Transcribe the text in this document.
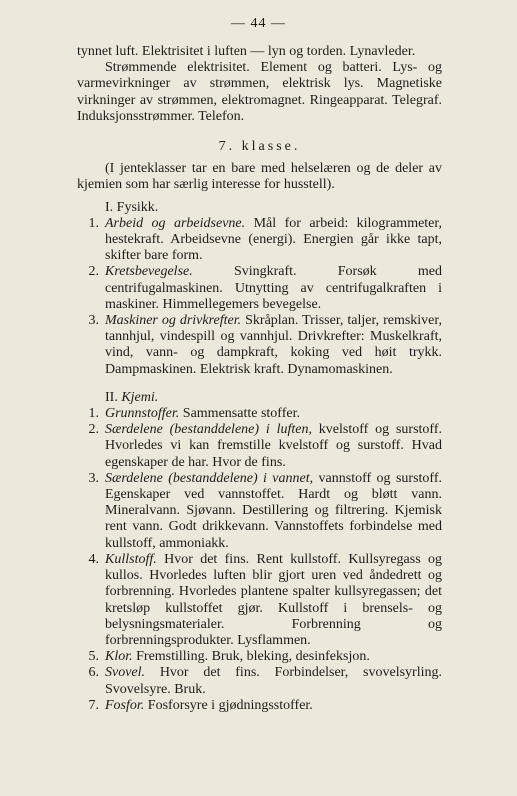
— 44 —

tynnet luft. Elektrisitet i luften — lyn og torden. Lynavleder.

Strømmende elektrisitet. Element og batteri. Lys- og varmevirkninger av strømmen, elektrisk lys. Magnetiske virkninger av strømmen, elektromagnet. Ringeapparat. Telegraf. Induksjonsstrømmer. Telefon.

7. klasse.

(I jenteklasser tar en bare med helselæren og de deler av kjemien som har særlig interesse for husstell).

I. Fysikk.

1. Arbeid og arbeidsevne. Mål for arbeid: kilogrammeter, hestekraft. Arbeidsevne (energi). Energien går ikke tapt, skifter bare form.

2. Kretsbevegelse. Svingkraft. Forsøk med centrifugalmaskinen. Utnytting av centrifugalkraften i maskiner. Himmellegemers bevegelse.

3. Maskiner og drivkrefter. Skråplan. Trisser, taljer, remskiver, tannhjul, vindespill og vannhjul. Drivkrefter: Muskelkraft, vind, vann- og dampkraft, koking ved høit trykk. Dampmaskinen. Elektrisk kraft. Dynamomaskinen.

II. Kjemi.

1. Grunnstoffer. Sammensatte stoffer.

2. Særdelene (bestanddelene) i luften, kvelstoff og surstoff. Hvorledes vi kan fremstille kvelstoff og surstoff. Hvad egenskaper de har. Hvor de fins.

3. Særdelene (bestanddelene) i vannet, vannstoff og surstoff. Egenskaper ved vannstoffet. Hardt og bløtt vann. Mineralvann. Sjøvann. Destillering og filtrering. Kjemisk rent vann. Godt drikkevann. Vannstoffets forbindelse med kullstoff, ammoniakk.

4. Kullstoff. Hvor det fins. Rent kullstoff. Kullsyregass og kullos. Hvorledes luften blir gjort uren ved åndedrett og forbrenning. Hvorledes plantene spalter kullsyregassen; det kretsløp kullstoffet gjør. Kullstoff i brensels- og belysningsmaterialer. Forbrenning og forbrenningsprodukter. Lysflammen.

5. Klor. Fremstilling. Bruk, bleking, desinfeksjon.

6. Svovel. Hvor det fins. Forbindelser, svovelsyrling. Svovelsyre. Bruk.

7. Fosfor. Fosforsyre i gjødningsstoffer.
